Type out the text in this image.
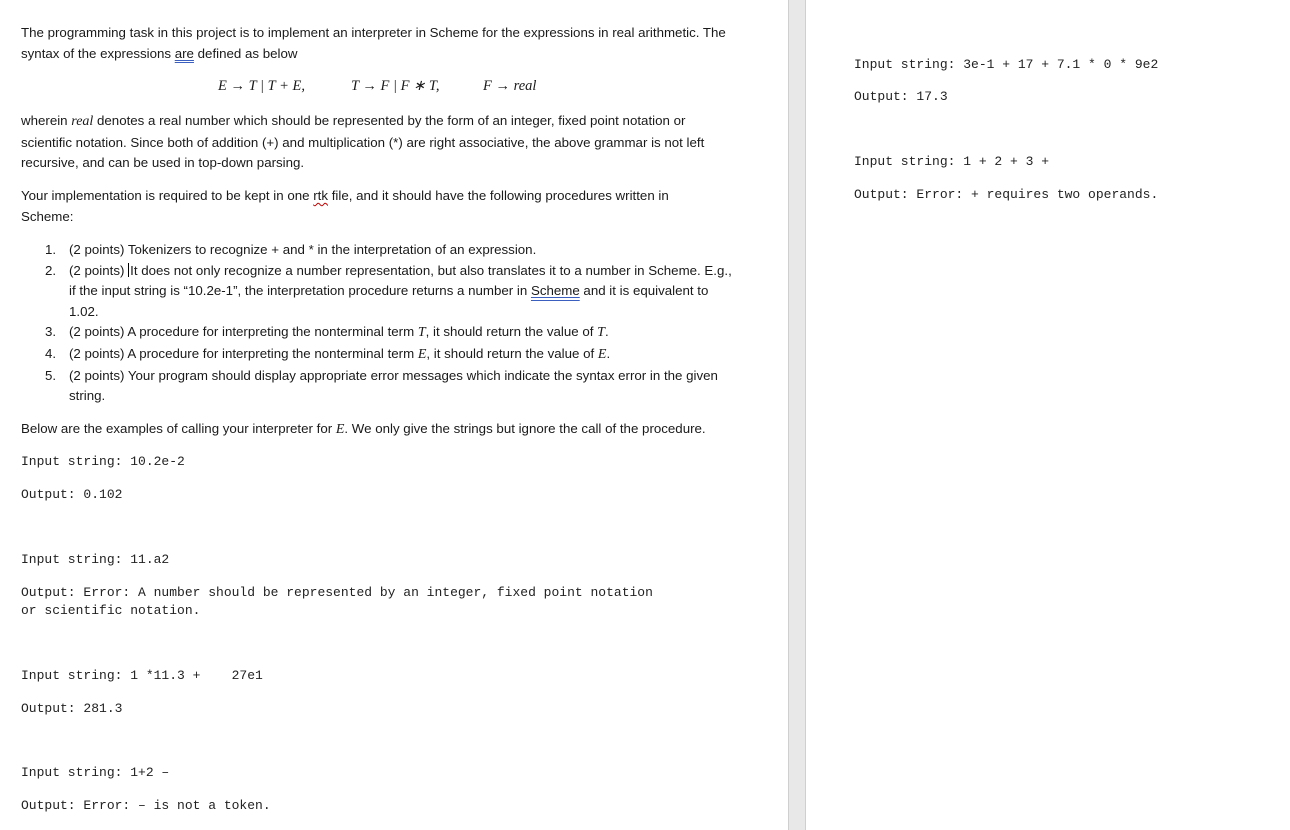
The programming task in this project is to implement an interpreter in Scheme for the expressions in real arithmetic. The
syntax of the expressions are defined as below
E → T | T + E,	T → F | F ∗ T,	F → real
wherein real denotes a real number which should be represented by the form of an integer, fixed point notation or
scientific notation. Since both of addition (+) and multiplication (*) are right associative, the above grammar is not left
recursive, and can be used in top-down parsing.
Your implementation is required to be kept in one rtk file, and it should have the following procedures written in
Scheme:
1. (2 points) Tokenizers to recognize + and * in the interpretation of an expression.
2. (2 points) It does not only recognize a number representation, but also translates it to a number in Scheme. E.g.,
if the input string is “10.2e-1”, the interpretation procedure returns a number in Scheme and it is equivalent to
1.02.
3. (2 points) A procedure for interpreting the nonterminal term T, it should return the value of T.
4. (2 points) A procedure for interpreting the nonterminal term E, it should return the value of E.
5. (2 points) Your program should display appropriate error messages which indicate the syntax error in the given
string.
Below are the examples of calling your interpreter for E. We only give the strings but ignore the call of the procedure.
Input string: 10.2e-2
Output: 0.102
Input string: 11.a2
Output: Error: A number should be represented by an integer, fixed point notation
or scientific notation.
Input string: 1 *11.3 +    27e1
Output: 281.3
Input string: 1+2 –
Output: Error: – is not a token.
Input string: 3e-1 + 17 + 7.1 * 0 * 9e2
Output: 17.3
Input string: 1 + 2 + 3 +
Output: Error: + requires two operands.
